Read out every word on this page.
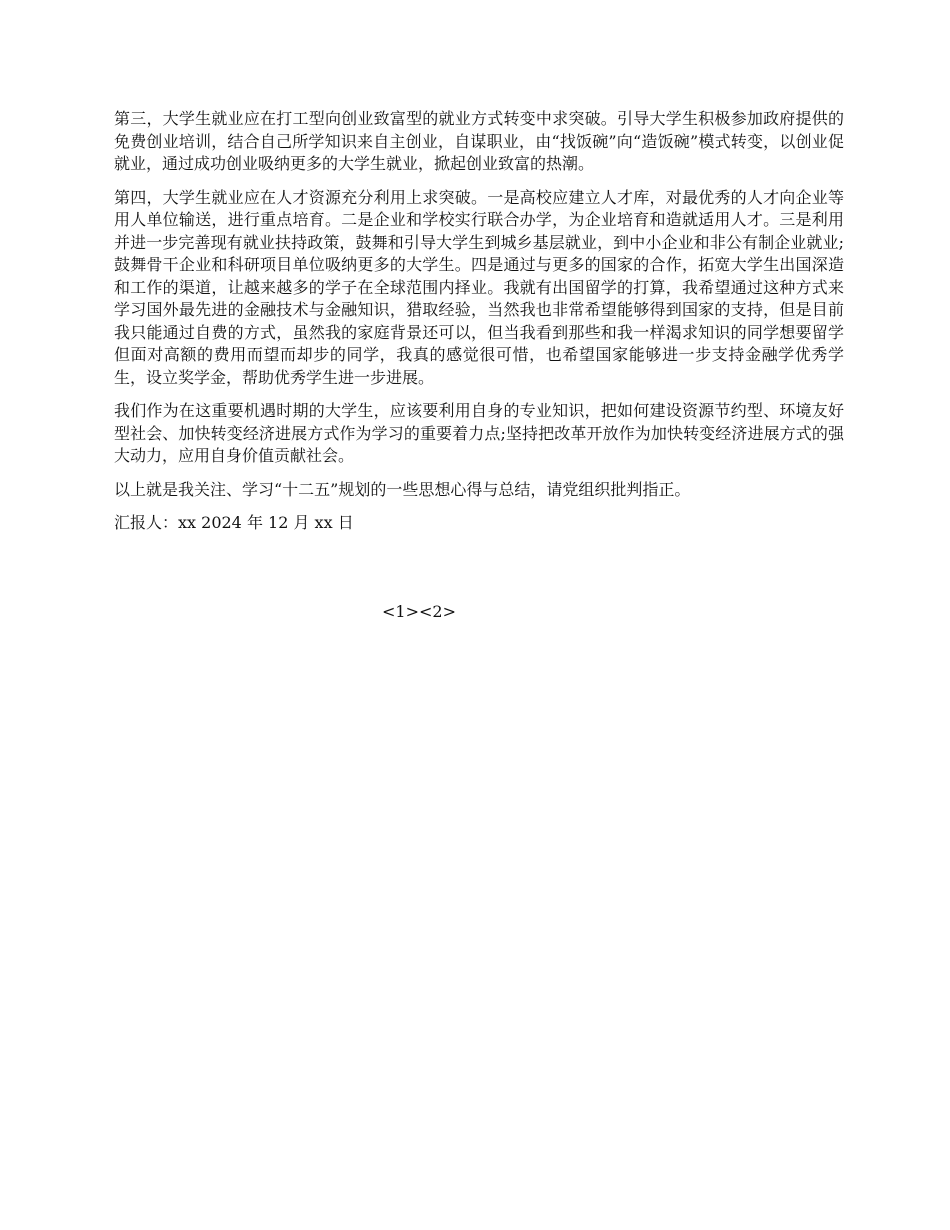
第三，大学生就业应在打工型向创业致富型的就业方式转变中求突破。引导大学生积极参加政府提供的免费创业培训，结合自己所学知识来自主创业，自谋职业，由“找饭碗”向“造饭碗”模式转变，以创业促就业，通过成功创业吸纳更多的大学生就业，掀起创业致富的热潮。

第四，大学生就业应在人才资源充分利用上求突破。一是高校应建立人才库，对最优秀的人才向企业等用人单位输送，进行重点培育。二是企业和学校实行联合办学，为企业培育和造就适用人才。三是利用并进一步完善现有就业扶持政策，鼓舞和引导大学生到城乡基层就业，到中小企业和非公有制企业就业;鼓舞骨干企业和科研项目单位吸纳更多的大学生。四是通过与更多的国家的合作，拓宽大学生出国深造和工作的渠道，让越来越多的学子在全球范围内择业。我就有出国留学的打算，我希望通过这种方式来学习国外最先进的金融技术与金融知识，猎取经验，当然我也非常希望能够得到国家的支持，但是目前我只能通过自费的方式，虽然我的家庭背景还可以，但当我看到那些和我一样渴求知识的同学想要留学但面对高额的费用而望而却步的同学，我真的感觉很可惜，也希望国家能够进一步支持金融学优秀学生，设立奖学金，帮助优秀学生进一步进展。

我们作为在这重要机遇时期的大学生，应该要利用自身的专业知识，把如何建设资源节约型、环境友好型社会、加快转变经济进展方式作为学习的重要着力点;坚持把改革开放作为加快转变经济进展方式的强大动力，应用自身价值贡献社会。

以上就是我关注、学习“十二五”规划的一些思想心得与总结，请党组织批判指正。

汇报人：xx 2024 年 12 月 xx 日

<1><2>
